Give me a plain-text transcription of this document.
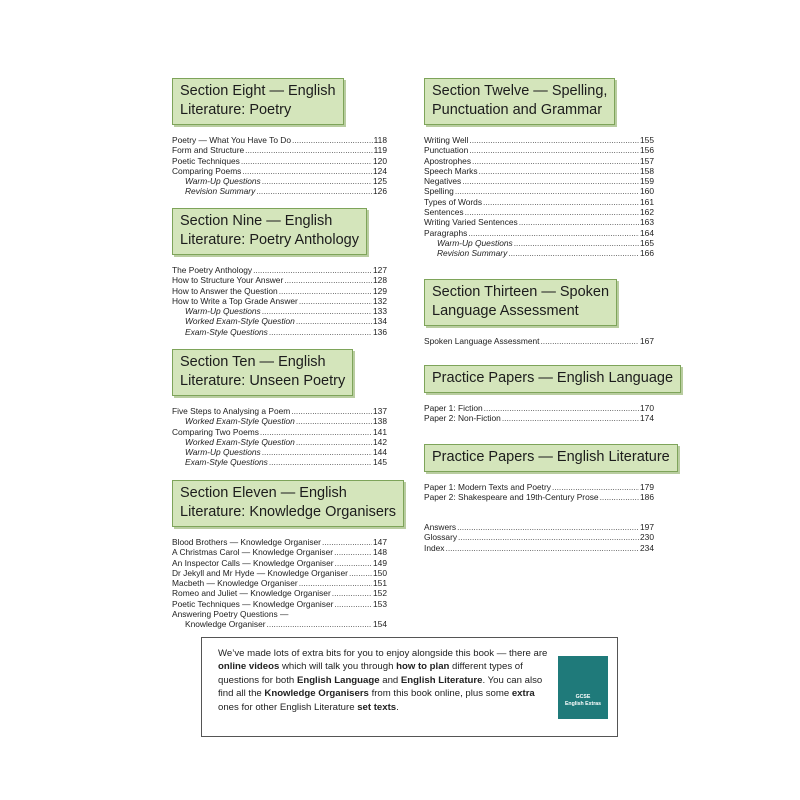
Section Eight — English
Literature: Poetry
Poetry — What You Have To Do .....	118
Form and Structure .....	119
Poetic Techniques .....	120
Comparing Poems .....	124
Warm-Up Questions .....	125
Revision Summary .....	126
Section Nine — English
Literature: Poetry Anthology
The Poetry Anthology .....	127
How to Structure Your Answer .....	128
How to Answer the Question .....	129
How to Write a Top Grade Answer .....	132
Warm-Up Questions .....	133
Worked Exam-Style Question .....	134
Exam-Style Questions .....	136
Section Ten — English
Literature: Unseen Poetry
Five Steps to Analysing a Poem .....	137
Worked Exam-Style Question .....	138
Comparing Two Poems .....	141
Worked Exam-Style Question .....	142
Warm-Up Questions .....	144
Exam-Style Questions .....	145
Section Eleven — English
Literature: Knowledge Organisers
Blood Brothers — Knowledge Organiser .....	147
A Christmas Carol — Knowledge Organiser .....	148
An Inspector Calls — Knowledge Organiser .....	149
Dr Jekyll and Mr Hyde — Knowledge Organiser .....	150
Macbeth — Knowledge Organiser .....	151
Romeo and Juliet — Knowledge Organiser .....	152
Poetic Techniques — Knowledge Organiser .....	153
Answering Poetry Questions —
Knowledge Organiser .....	154
Section Twelve — Spelling,
Punctuation and Grammar
Writing Well .....	155
Punctuation .....	156
Apostrophes .....	157
Speech Marks .....	158
Negatives .....	159
Spelling .....	160
Types of Words .....	161
Sentences .....	162
Writing Varied Sentences .....	163
Paragraphs .....	164
Warm-Up Questions .....	165
Revision Summary .....	166
Section Thirteen — Spoken
Language Assessment
Spoken Language Assessment .....	167
Practice Papers — English Language
Paper 1: Fiction .....	170
Paper 2: Non-Fiction .....	174
Practice Papers — English Literature
Paper 1: Modern Texts and Poetry .....	179
Paper 2: Shakespeare and 19th-Century Prose .....	186
Answers .....	197
Glossary .....	230
Index .....	234
We’ve made lots of extra bits for you to enjoy alongside this book — there are online videos which will talk you through how to plan different types of questions for both English Language and English Literature. You can also find all the Knowledge Organisers from this book online, plus some extra ones for other English Literature set texts.
GCSE
English Extras
